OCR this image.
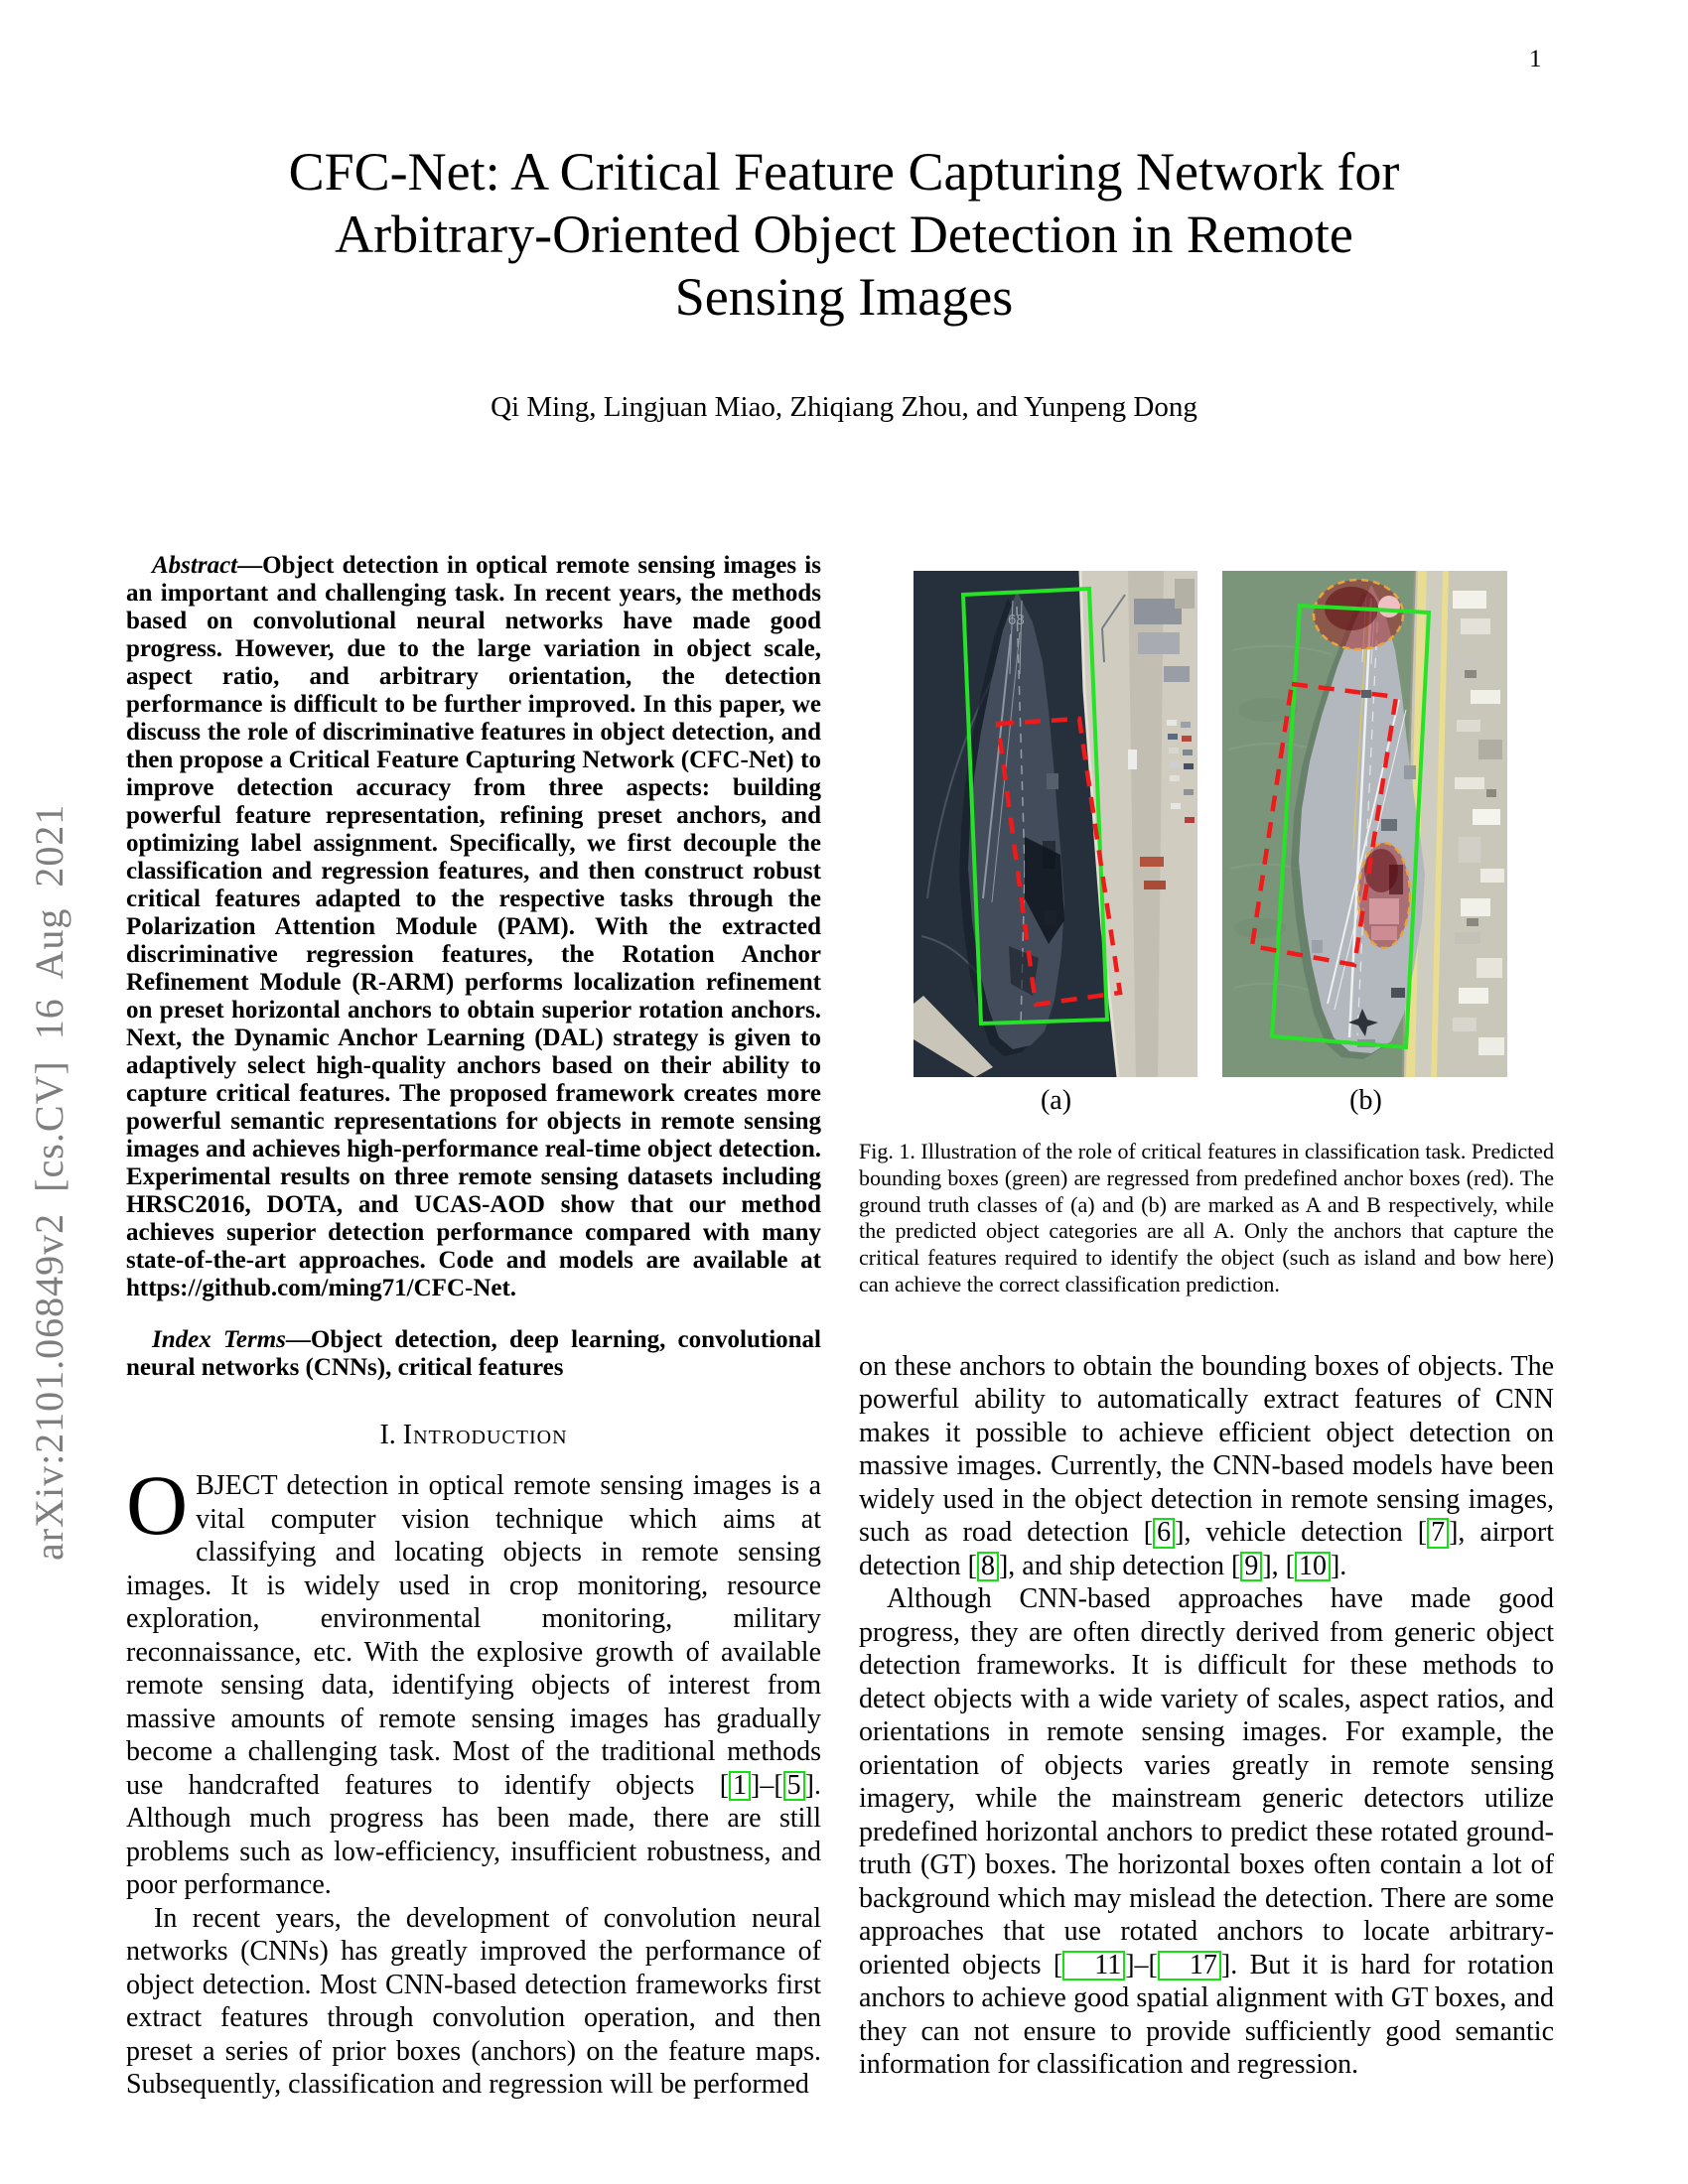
1
arXiv:2101.06849v2 [cs.CV] 16 Aug 2021
CFC-Net: A Critical Feature Capturing Network for
Arbitrary-Oriented Object Detection in Remote
Sensing Images
Qi Ming, Lingjuan Miao, Zhiqiang Zhou, and Yunpeng Dong

Abstract—Object detection in optical remote sensing images is an important and challenging task. In recent years, the methods based on convolutional neural networks have made good progress. However, due to the large variation in object scale, aspect ratio, and arbitrary orientation, the detection performance is difficult to be further improved. In this paper, we discuss the role of discriminative features in object detection, and then propose a Critical Feature Capturing Network (CFC-Net) to improve detection accuracy from three aspects: building powerful feature representation, refining preset anchors, and optimizing label assignment. Specifically, we first decouple the classification and regression features, and then construct robust critical features adapted to the respective tasks through the Polarization Attention Module (PAM). With the extracted discriminative regression features, the Rotation Anchor Refinement Module (R-ARM) performs localization refinement on preset horizontal anchors to obtain superior rotation anchors. Next, the Dynamic Anchor Learning (DAL) strategy is given to adaptively select high-quality anchors based on their ability to capture critical features. The proposed framework creates more powerful semantic representations for objects in remote sensing images and achieves high-performance real-time object detection. Experimental results on three remote sensing datasets including HRSC2016, DOTA, and UCAS-AOD show that our method achieves superior detection performance compared with many state-of-the-art approaches. Code and models are available at https://github.com/ming71/CFC-Net.

Index Terms—Object detection, deep learning, convolutional neural networks (CNNs), critical features

I. Introduction

OBJECT detection in optical remote sensing images is a vital computer vision technique which aims at classifying and locating objects in remote sensing images. It is widely used in crop monitoring, resource exploration, environmental monitoring, military reconnaissance, etc. With the explosive growth of available remote sensing data, identifying objects of interest from massive amounts of remote sensing images has gradually become a challenging task. Most of the traditional methods use handcrafted features to identify objects [ 1 ]–[ 5 ]. Although much progress has been made, there are still problems such as low-efficiency, insufficient robustness, and poor performance.

In recent years, the development of convolution neural networks (CNNs) has greatly improved the performance of object detection. Most CNN-based detection frameworks first extract features through convolution operation, and then preset a series of prior boxes (anchors) on the feature maps. Subsequently, classification and regression will be performed

68
(a)	(b)
Fig. 1. Illustration of the role of critical features in classification task. Predicted bounding boxes (green) are regressed from predefined anchor boxes (red). The ground truth classes of (a) and (b) are marked as A and B respectively, while the predicted object categories are all A. Only the anchors that capture the critical features required to identify the object (such as island and bow here) can achieve the correct classification prediction.

on these anchors to obtain the bounding boxes of objects. The powerful ability to automatically extract features of CNN makes it possible to achieve efficient object detection on massive images. Currently, the CNN-based models have been widely used in the object detection in remote sensing images, such as road detection [ 6 ], vehicle detection [ 7 ], airport detection [ 8 ], and ship detection [ 9 ], [ 10 ].

Although CNN-based approaches have made good progress, they are often directly derived from generic object detection frameworks. It is difficult for these methods to detect objects with a wide variety of scales, aspect ratios, and orientations in remote sensing images. For example, the orientation of objects varies greatly in remote sensing imagery, while the mainstream generic detectors utilize predefined horizontal anchors to predict these rotated ground-truth (GT) boxes. The horizontal boxes often contain a lot of background which may mislead the detection. There are some approaches that use rotated anchors to locate arbitrary-oriented objects [ 11 ]–[ 17 ]. But it is hard for rotation anchors to achieve good spatial alignment with GT boxes, and they can not ensure to provide sufficiently good semantic information for classification and regression.
